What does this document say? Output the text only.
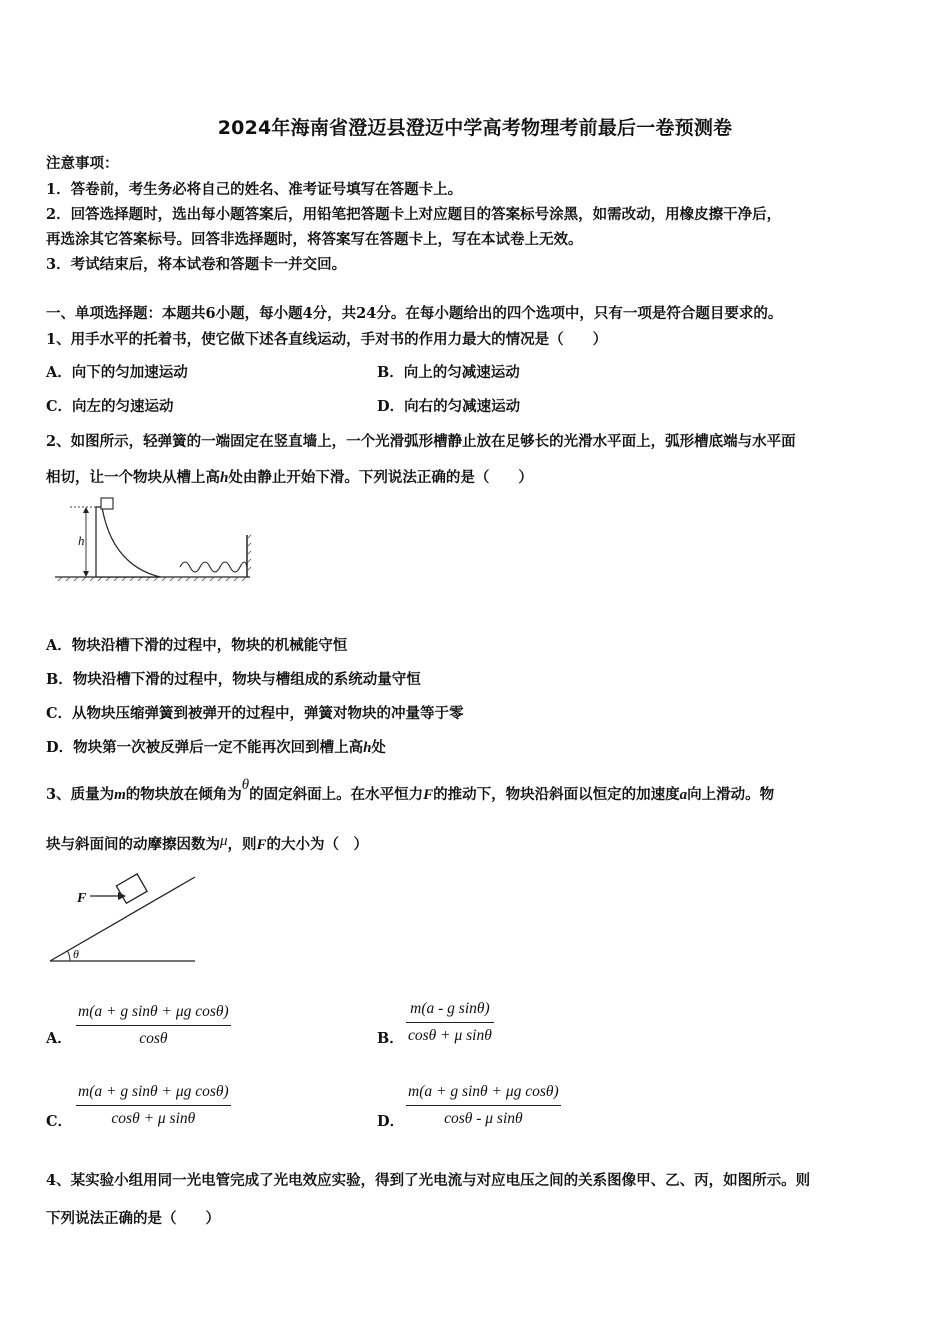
2024年海南省澄迈县澄迈中学高考物理考前最后一卷预测卷
注意事项：
1．答卷前，考生务必将自己的姓名、准考证号填写在答题卡上。
2．回答选择题时，选出每小题答案后，用铅笔把答题卡上对应题目的答案标号涂黑，如需改动，用橡皮擦干净后，
再选涂其它答案标号。回答非选择题时，将答案写在答题卡上，写在本试卷上无效。
3．考试结束后，将本试卷和答题卡一并交回。
一、单项选择题：本题共6小题，每小题4分，共24分。在每小题给出的四个选项中，只有一项是符合题目要求的。
1、用手水平的托着书，使它做下述各直线运动，手对书的作用力最大的情况是（　　）
A．向下的匀加速运动	B．向上的匀减速运动
C．向左的匀速运动	D．向右的匀减速运动
2、如图所示，轻弹簧的一端固定在竖直墙上，一个光滑弧形槽静止放在足够长的光滑水平面上，弧形槽底端与水平面
相切，让一个物块从槽上高h处由静止开始下滑。下列说法正确的是（　　）
h
A．物块沿槽下滑的过程中，物块的机械能守恒
B．物块沿槽下滑的过程中，物块与槽组成的系统动量守恒
C．从物块压缩弹簧到被弹开的过程中，弹簧对物块的冲量等于零
D．物块第一次被反弹后一定不能再次回到槽上高h处
3、质量为m的物块放在倾角为θ的固定斜面上。在水平恒力F的推动下，物块沿斜面以恒定的加速度a向上滑动。物
块与斜面间的动摩擦因数为μ，则F的大小为（　）
F
θ
A．
m(a + g sinθ + μg cosθ)
cosθ	B．
m(a - g sinθ)
cosθ + μ sinθ
C．
m(a + g sinθ + μg cosθ)
cosθ + μ sinθ	D．
m(a + g sinθ + μg cosθ)
cosθ - μ sinθ
4、某实验小组用同一光电管完成了光电效应实验，得到了光电流与对应电压之间的关系图像甲、乙、丙，如图所示。则
下列说法正确的是（　　）
